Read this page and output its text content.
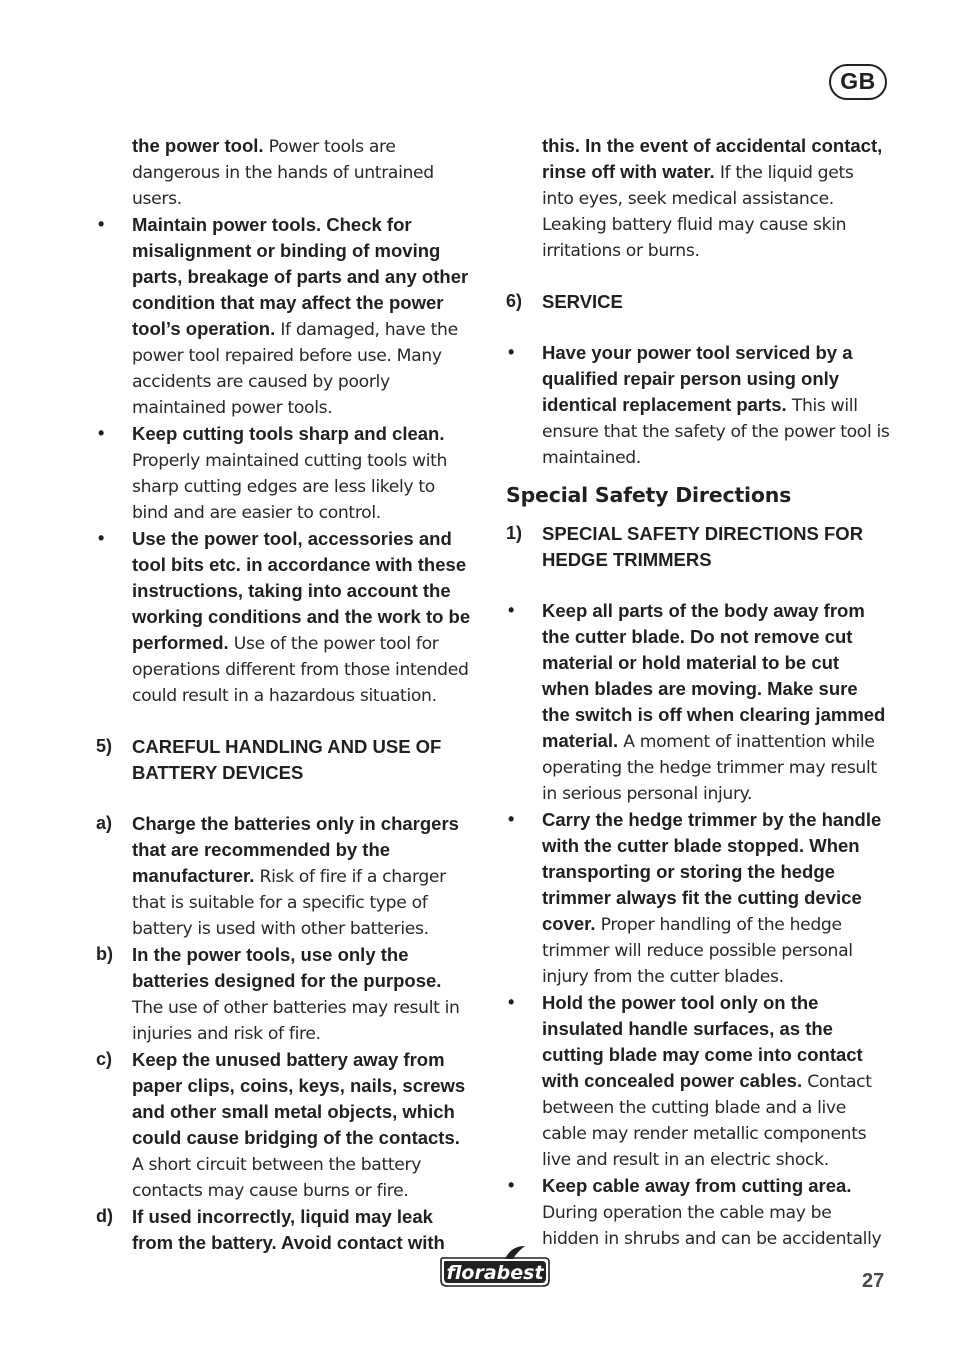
GB
the power tool. Power tools are dangerous in the hands of untrained users.
•	Maintain power tools. Check for misalignment or binding of moving parts, breakage of parts and any other condition that may affect the power tool’s operation. If damaged, have the power tool repaired before use. Many accidents are caused by poorly maintained power tools.
•	Keep cutting tools sharp and clean. Properly maintained cutting tools with sharp cutting edges are less likely to bind and are easier to control.
•	Use the power tool, accessories and tool bits etc. in accordance with these instructions, taking into account the working conditions and the work to be performed. Use of the power tool for operations different from those intended could result in a hazardous situation.
5)	CAREFUL HANDLING AND USE OF BATTERY DEVICES
a)	Charge the batteries only in chargers that are recommended by the manufacturer. Risk of fire if a charger that is suitable for a specific type of battery is used with other batteries.
b)	In the power tools, use only the batteries designed for the purpose. The use of other batteries may result in injuries and risk of fire.
c)	Keep the unused battery away from paper clips, coins, keys, nails, screws and other small metal objects, which could cause bridging of the contacts. A short circuit between the battery contacts may cause burns or fire.
d)	If used incorrectly, liquid may leak from the battery. Avoid contact with
this. In the event of accidental contact, rinse off with water. If the liquid gets into eyes, seek medical assistance. Leaking battery fluid may cause skin irritations or burns.
6)	SERVICE
•	Have your power tool serviced by a qualified repair person using only identical replacement parts. This will ensure that the safety of the power tool is maintained.
Special Safety Directions
1)	SPECIAL SAFETY DIRECTIONS FOR HEDGE TRIMMERS
•	Keep all parts of the body away from the cutter blade. Do not remove cut material or hold material to be cut when blades are moving. Make sure the switch is off when clearing jammed material. A moment of inattention while operating the hedge trimmer may result in serious personal injury.
•	Carry the hedge trimmer by the handle with the cutter blade stopped. When transporting or storing the hedge trimmer always fit the cutting device cover. Proper handling of the hedge trimmer will reduce possible personal injury from the cutter blades.
•	Hold the power tool only on the insulated handle surfaces, as the cutting blade may come into contact with concealed power cables. Contact between the cutting blade and a live cable may render metallic components live and result in an electric shock.
•	Keep cable away from cutting area. During operation the cable may be hidden in shrubs and can be accidentally
florabest	27
